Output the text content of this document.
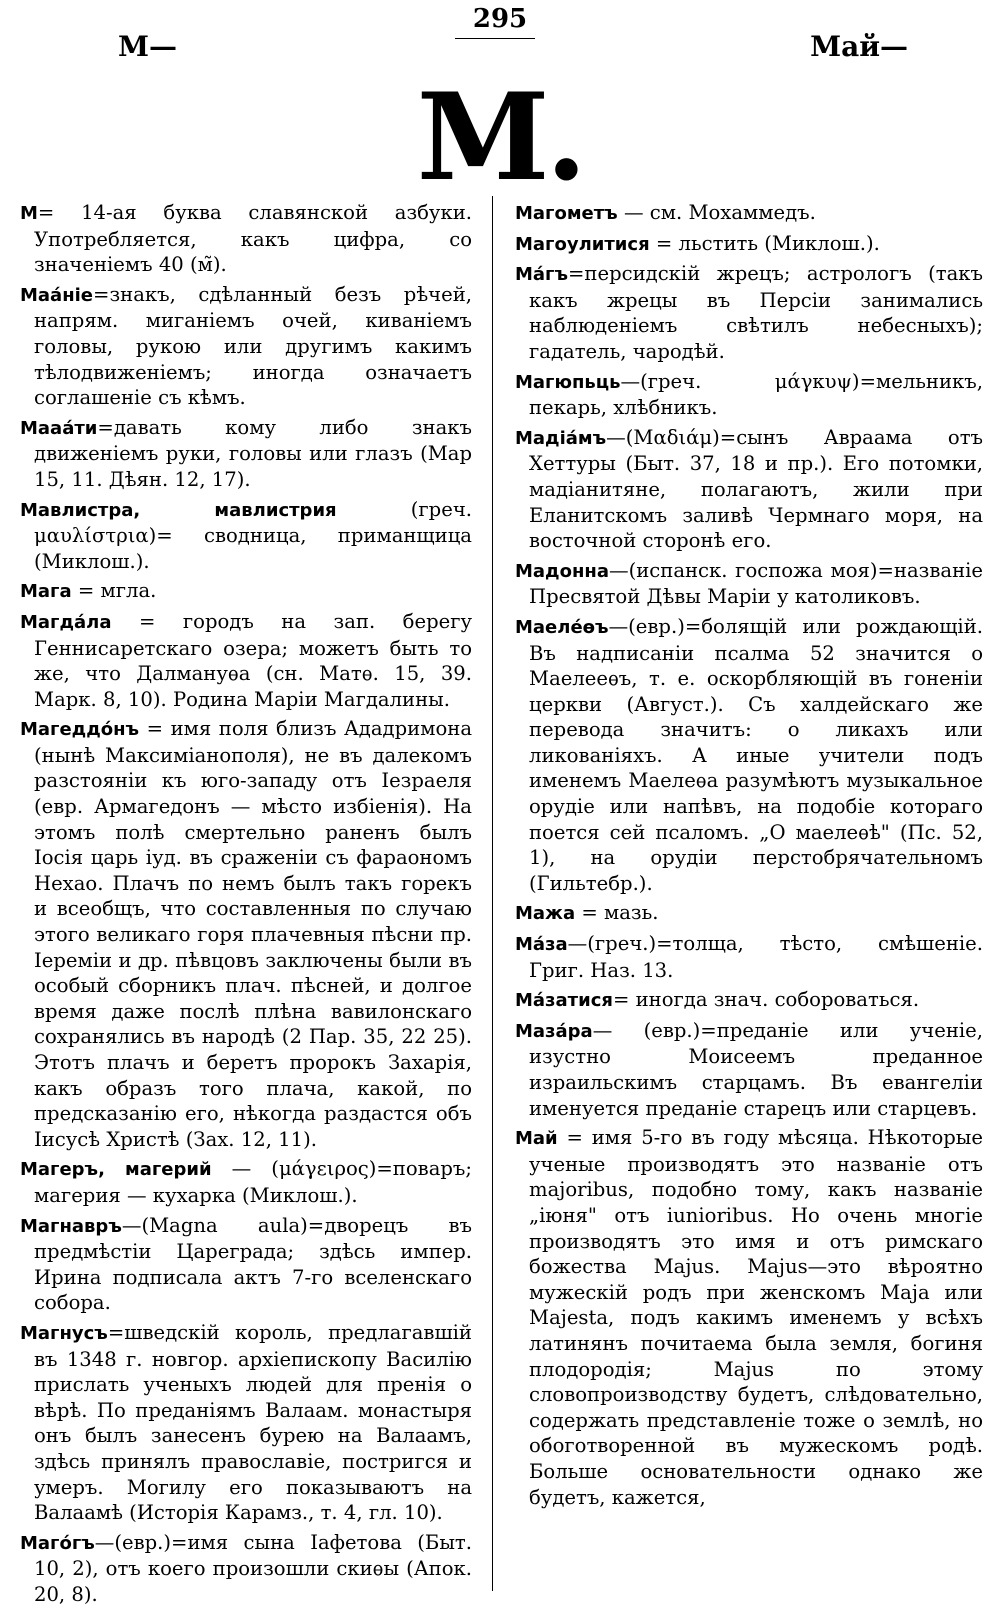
295
М—	Май—
М.

М= 14-ая буква славянской азбуки. Употребляется, какъ цифра, со значеніемъ 40 (м̃).

Маа́ніе=знакъ, сдѣланный безъ рѣчей, напрям. миганіемъ очей, киваніемъ головы, рукою или другимъ какимъ тѣлодвиженіемъ; иногда означаетъ соглашеніе съ кѣмъ.

Мааа́ти=давать кому либо знакъ движеніемъ руки, головы или глазъ (Мар 15, 11. Дѣян. 12, 17).

Мавлистра, мавлистрия	(греч. μαυλίστρια)= сводница, приманщица (Миклош.).

Мага = мгла.

Магда́ла = городъ на зап. берегу Геннисаретскаго озера; можетъ быть то же, что Далмануѳа (сн. Матѳ. 15, 39. Марк. 8, 10). Родина Маріи Магдалины.

Магеддо́нъ = имя поля близъ Ададримона (нынѣ Максиміанополя), не въ далекомъ разстояніи къ юго-западу отъ Іезраеля (евр. Армагедонъ — мѣсто избіенія). На этомъ полѣ смертельно раненъ былъ Іосія царь іуд. въ сраженіи съ фараономъ Нехао. Плачъ по немъ былъ такъ горекъ и всеобщъ, что составленныя по случаю этого великаго горя плачевныя пѣсни пр. Іереміи и др. пѣвцовъ заключены были въ особый сборникъ плач. пѣсней, и долгое время даже послѣ плѣна вавилонскаго сохранялись въ народѣ (2 Пар. 35, 22 25). Этотъ плачъ и беретъ пророкъ Захарія, какъ образъ того плача, какой, по предсказанію его, нѣкогда раздастся объ Іисусѣ Христѣ (Зах. 12, 11).

Магеръ, магерий — (μάγειρος)=поваръ; магерия — кухарка (Миклош.).

Магнавръ—(Magna aula)=дворецъ въ предмѣстіи Цареграда; здѣсь импер. Ирина подписала актъ 7-го вселенскаго собора.

Магнусъ=шведскій король, предлагавшій въ 1348 г. новгор. архіепископу Василію прислать ученыхъ людей для пренія о вѣрѣ. По преданіямъ Валаам. монастыря онъ былъ занесенъ бурею на Валаамъ, здѣсь принялъ православіе, постригся и умеръ. Могилу его показываютъ на Валаамѣ (Исторія Карамз., т. 4, гл. 10).

Маго́гъ—(евр.)=имя сына Іафетова (Быт. 10, 2), отъ коего произошли скиѳы (Апок. 20, 8).

Магометъ — см. Мохаммедъ.

Магоулитися = льстить (Миклош.).

Ма́гъ=персидскій жрецъ; астрологъ (такъ какъ жрецы въ Персіи занимались наблюденіемъ свѣтилъ небесныхъ); гадатель, чародѣй.

Магюпьць—(греч. μάγκυψ)=мельникъ, пекарь, хлѣбникъ.

Мадіа́мъ—(Μαδιάμ)=сынъ Авраама отъ Хеттуры (Быт. 37, 18 и пр.). Его потомки, мадіанитяне, полагаютъ, жили при Еланитскомъ заливѣ Чермнаго моря, на восточной сторонѣ его.

Мадонна—(испанск. госпожа моя)=названіе Пресвятой Дѣвы Маріи у католиковъ.

Маеле́ѳъ—(евр.)=болящій или рождающій. Въ надписаніи псалма 52 значится о Маелееѳъ, т. е. оскорбляющій въ гоненіи церкви (Авгуcт.). Съ халдейскаго же перевода значитъ: о ликахъ или ликованіяхъ. А иные учители подъ именемъ Маелеѳа разумѣютъ музыкальное орудіе или напѣвъ, на подобіе котораго поется сей псаломъ. „О маелеѳѣ" (Пс. 52, 1), на орудіи перстобрячательномъ (Гильтебр.).

Мажа = мазь.

Ма́за—(греч.)=толща, тѣсто, смѣшеніе. Григ. Наз. 13.

Ма́затися= иногда знач. собороваться.

Маза́ра— (евр.)=преданіе или ученіе, изустно Моисеемъ преданное израильскимъ старцамъ. Въ евангеліи именуется преданіе старецъ или старцевъ.

Май = имя 5-го въ году мѣсяца. Нѣкоторые ученые производятъ это названіе отъ majoribus, подобно тому, какъ названіе „іюня" отъ iunioribus. Но очень многіе производятъ это имя и отъ римскаго божества Majus. Majus—это вѣроятно мужескій родъ при женскомъ Maja или Majesta, подъ какимъ именемъ у всѣхъ латинянъ почитаема была земля, богиня плодородія; Majus по этому словопроизводству будетъ, слѣдовательно, содержать представленіе тоже о землѣ, но обоготворенной въ мужескомъ родѣ. Больше основательности однако же будетъ, кажется,
